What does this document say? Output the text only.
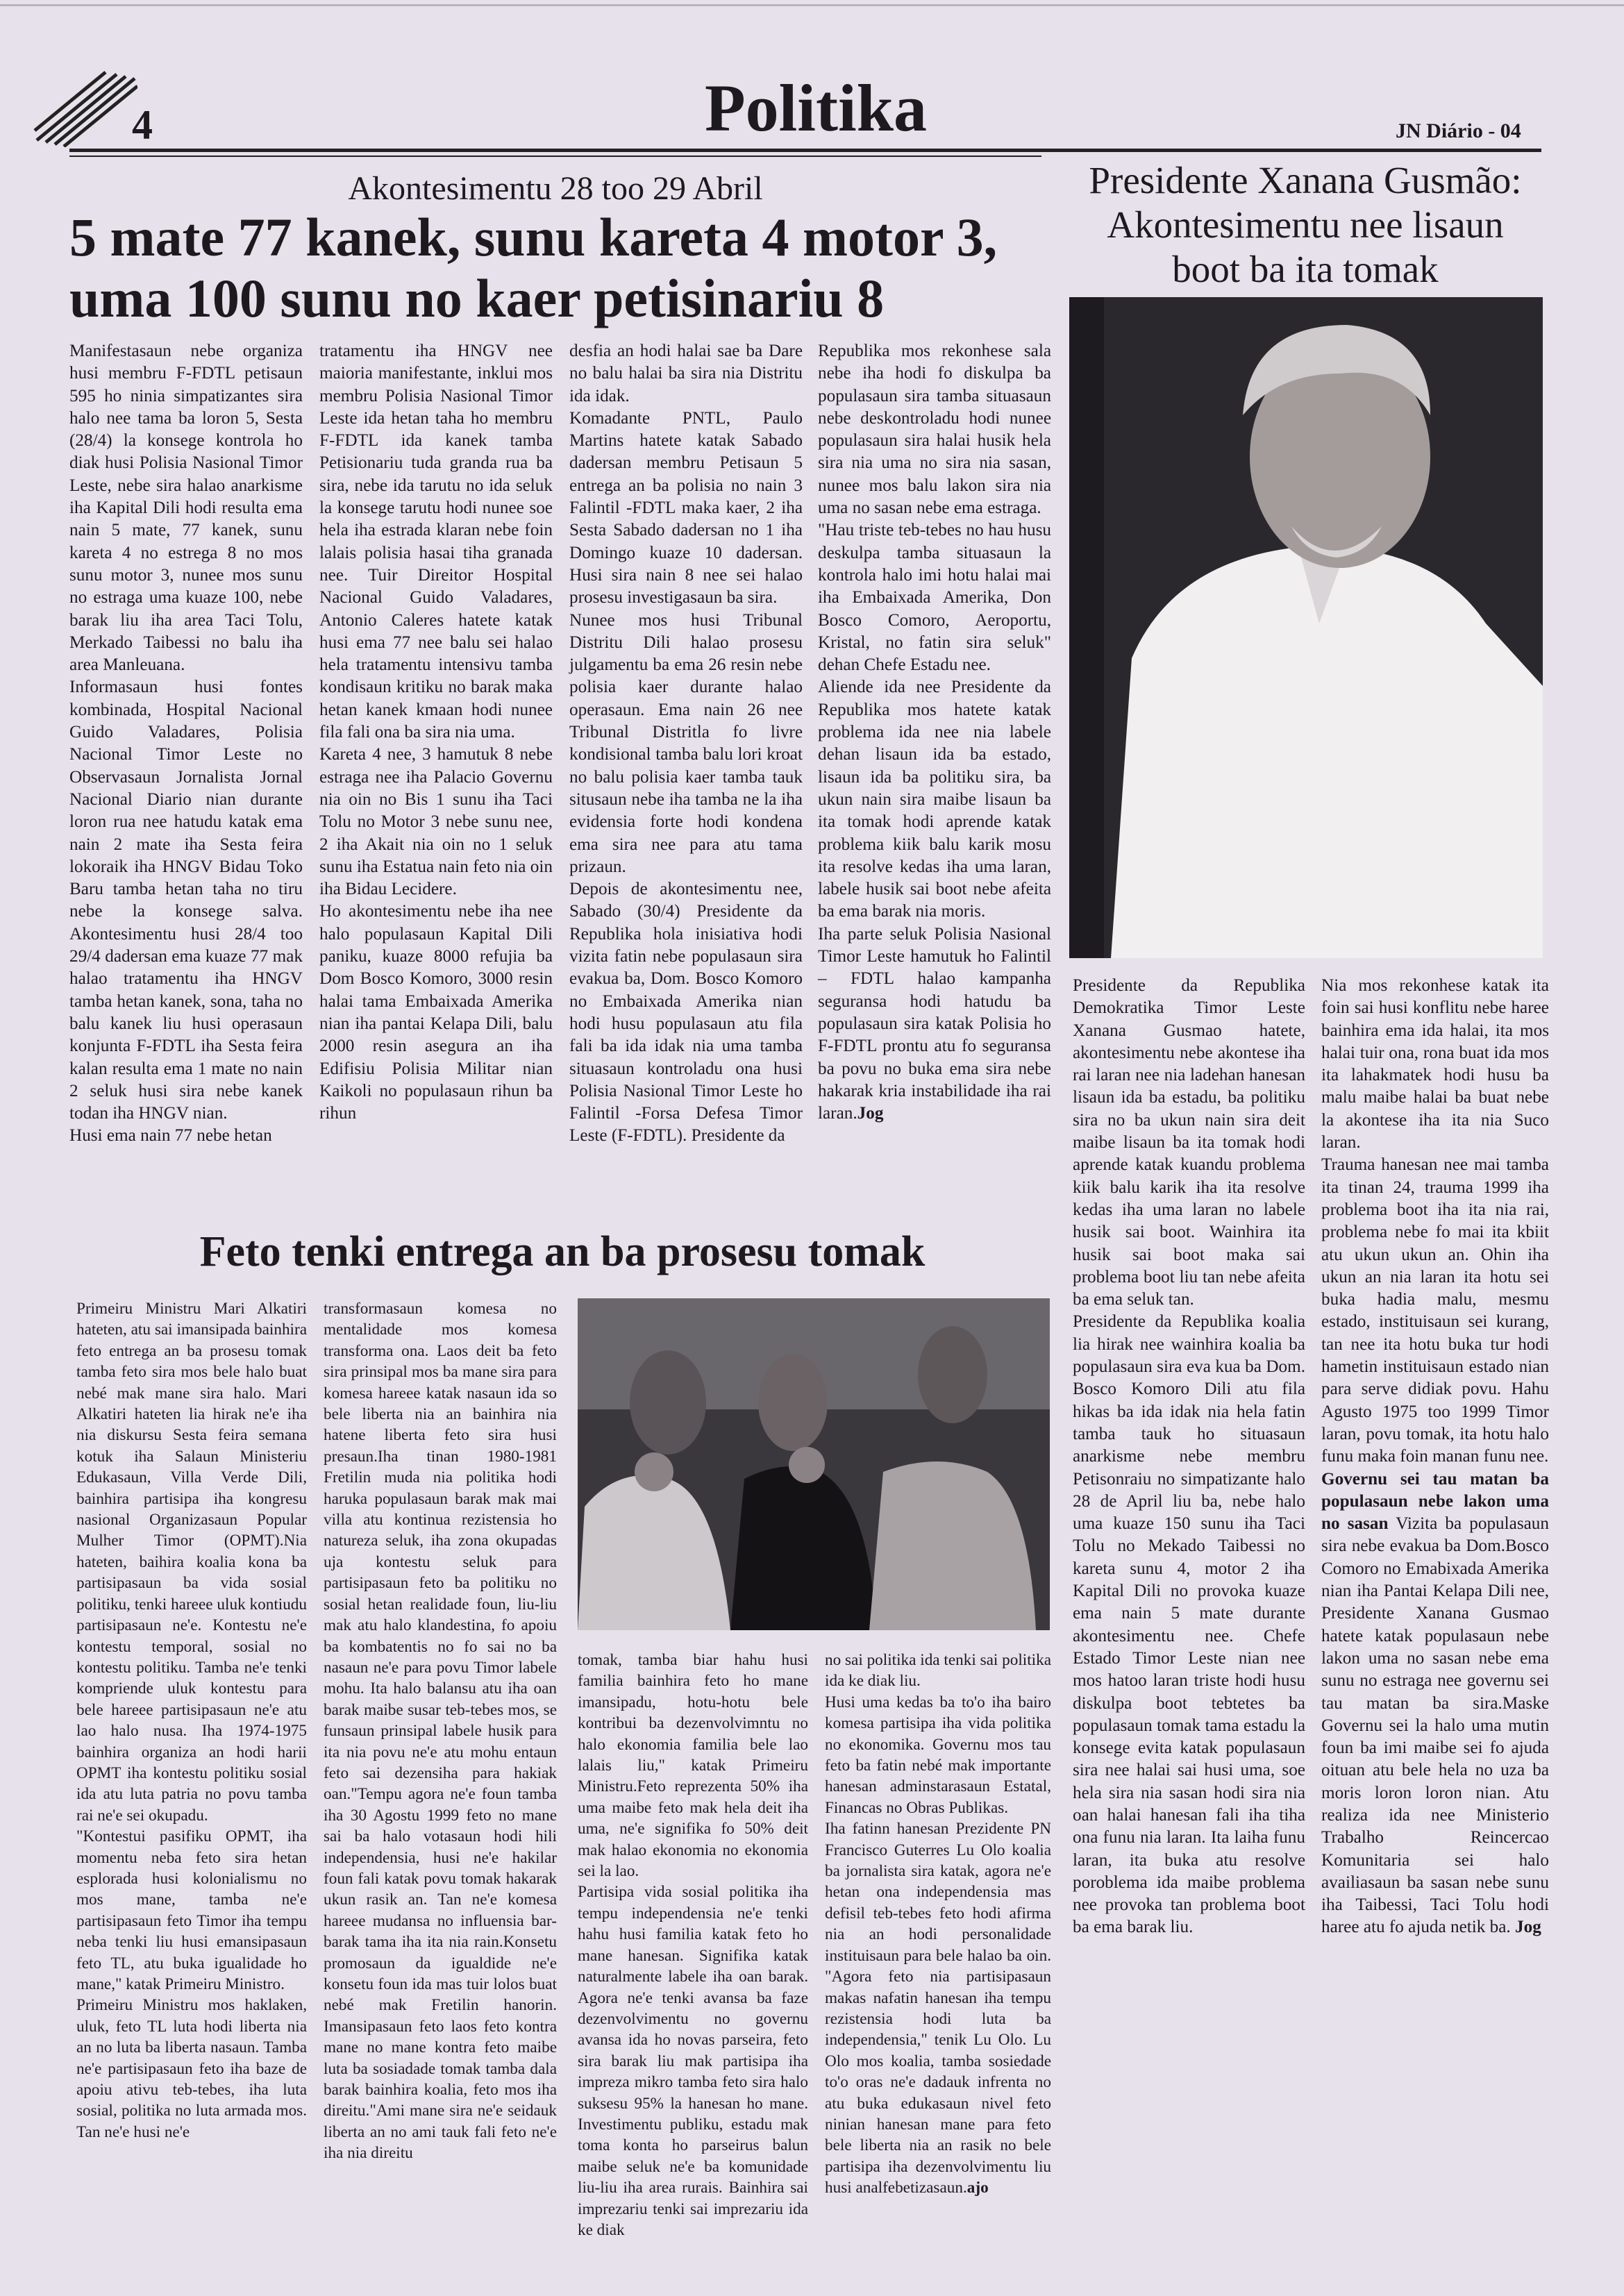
4	Politika	JN Diário - 04
Akontesimentu 28 too 29 Abril
5 mate 77 kanek, sunu kareta 4 motor 3,
uma 100 sunu no kaer petisinariu 8

Manifestasaun nebe organiza husi membru F-FDTL petisaun 595 ho ninia simpatizantes sira halo nee tama ba loron 5, Sesta (28/4) la konsege kontrola ho diak husi Polisia Nasional Timor Leste, nebe sira halao anarkisme iha Kapital Dili hodi resulta ema nain 5 mate, 77 kanek, sunu kareta 4 no estrega 8 no mos sunu motor 3, nunee mos sunu no estraga uma kuaze 100, nebe barak liu iha area Taci Tolu, Merkado Taibessi no balu iha area Manleuana.

Informasaun husi fontes kombinada, Hospital Nacional Guido Valadares, Polisia Nacional Timor Leste no Observasaun Jornalista Jornal Nacional Diario nian durante loron rua nee hatudu katak ema nain 2 mate iha Sesta feira lokoraik iha HNGV Bidau Toko Baru tamba hetan taha no tiru nebe la konsege salva. Akontesimentu husi 28/4 too 29/4 dadersan ema kuaze 77 mak halao tratamentu iha HNGV tamba hetan kanek, sona, taha no balu kanek liu husi operasaun konjunta F-FDTL iha Sesta feira kalan resulta ema 1 mate no nain 2 seluk husi sira nebe kanek todan iha HNGV nian.

Husi ema nain 77 nebe hetan

tratamentu iha HNGV nee maioria manifestante, inklui mos membru Polisia Nasional Timor Leste ida hetan taha ho membru F-FDTL ida kanek tamba Petisionariu tuda granda rua ba sira, nebe ida tarutu no ida seluk la konsege tarutu hodi nunee soe hela iha estrada klaran nebe foin lalais polisia hasai tiha granada nee. Tuir Direitor Hospital Nacional Guido Valadares, Antonio Caleres hatete katak husi ema 77 nee balu sei halao hela tratamentu intensivu tamba kondisaun kritiku no barak maka hetan kanek kmaan hodi nunee fila fali ona ba sira nia uma.

Kareta 4 nee, 3 hamutuk 8 nebe estraga nee iha Palacio Governu nia oin no Bis 1 sunu iha Taci Tolu no Motor 3 nebe sunu nee, 2 iha Akait nia oin no 1 seluk sunu iha Estatua nain feto nia oin iha Bidau Lecidere.

Ho akontesimentu nebe iha nee halo populasaun Kapital Dili paniku, kuaze 8000 refujia ba Dom Bosco Komoro, 3000 resin halai tama Embaixada Amerika nian iha pantai Kelapa Dili, balu 2000 resin asegura an iha Edifisiu Polisia Militar nian Kaikoli no populasaun rihun ba rihun

desfia an hodi halai sae ba Dare no balu halai ba sira nia Distritu ida idak.

Komadante PNTL, Paulo Martins hatete katak Sabado dadersan membru Petisaun 5 entrega an ba polisia no nain 3 Falintil -FDTL maka kaer, 2 iha Sesta Sabado dadersan no 1 iha Domingo kuaze 10 dadersan. Husi sira nain 8 nee sei halao prosesu investigasaun ba sira.

Nunee mos husi Tribunal Distritu Dili halao prosesu julgamentu ba ema 26 resin nebe polisia kaer durante halao operasaun. Ema nain 26 nee Tribunal Distritla fo livre kondisional tamba balu lori kroat no balu polisia kaer tamba tauk situsaun nebe iha tamba ne la iha evidensia forte hodi kondena ema sira nee para atu tama prizaun.

Depois de akontesimentu nee, Sabado (30/4) Presidente da Republika hola inisiativa hodi vizita fatin nebe populasaun sira evakua ba, Dom. Bosco Komoro no Embaixada Amerika nian hodi husu populasaun atu fila fali ba ida idak nia uma tamba situasaun kontroladu ona husi Polisia Nasional Timor Leste ho Falintil -Forsa Defesa Timor Leste (F-FDTL). Presidente da

Republika mos rekonhese sala nebe iha hodi fo diskulpa ba populasaun sira tamba situasaun nebe deskontroladu hodi nunee populasaun sira halai husik hela sira nia uma no sira nia sasan, nunee mos balu lakon sira nia uma no sasan nebe ema estraga.

"Hau triste teb-tebes no hau husu deskulpa tamba situasaun la kontrola halo imi hotu halai mai iha Embaixada Amerika, Don Bosco Comoro, Aeroportu, Kristal, no fatin sira seluk" dehan Chefe Estadu nee.

Aliende ida nee Presidente da Republika mos hatete katak problema ida nee nia labele dehan lisaun ida ba estado, lisaun ida ba politiku sira, ba ukun nain sira maibe lisaun ba ita tomak hodi aprende katak problema kiik balu karik mosu ita resolve kedas iha uma laran, labele husik sai boot nebe afeita ba ema barak nia moris.

Iha parte seluk Polisia Nasional Timor Leste hamutuk ho Falintil – FDTL halao kampanha seguransa hodi hatudu ba populasaun sira katak Polisia ho F-FDTL prontu atu fo seguransa ba povu no buka ema sira nebe hakarak kria instabilidade iha rai laran.Jog

Presidente Xanana Gusmão:
Akontesimentu nee lisaun
boot ba ita tomak

Presidente da Republika Demokratika Timor Leste Xanana Gusmao hatete, akontesimentu nebe akontese iha rai laran nee nia ladehan hanesan lisaun ida ba estadu, ba politiku sira no ba ukun nain sira deit maibe lisaun ba ita tomak hodi aprende katak kuandu problema kiik balu karik iha ita resolve kedas iha uma laran no labele husik sai boot. Wainhira ita husik sai boot maka sai problema boot liu tan nebe afeita ba ema seluk tan.

Presidente da Republika koalia lia hirak nee wainhira koalia ba populasaun sira eva kua ba Dom. Bosco Komoro Dili atu fila hikas ba ida idak nia hela fatin tamba tauk ho situasaun anarkisme nebe membru Petisonraiu no simpatizante halo 28 de April liu ba, nebe halo uma kuaze 150 sunu iha Taci Tolu no Mekado Taibessi no kareta sunu 4, motor 2 iha Kapital Dili no provoka kuaze ema nain 5 mate durante akontesimentu nee. Chefe Estado Timor Leste nian nee mos hatoo laran triste hodi husu diskulpa boot tebtetes ba populasaun tomak tama estadu la konsege evita katak populasaun sira nee halai sai husi uma, soe hela sira nia sasan hodi sira nia oan halai hanesan fali iha tiha ona funu nia laran. Ita laiha funu laran, ita buka atu resolve poroblema ida maibe problema nee provoka tan problema boot ba ema barak liu.

Nia mos rekonhese katak ita foin sai husi konflitu nebe haree bainhira ema ida halai, ita mos halai tuir ona, rona buat ida mos ita lahakmatek hodi husu ba malu maibe halai ba buat nebe la akontese iha ita nia Suco laran.

Trauma hanesan nee mai tamba ita tinan 24, trauma 1999 iha problema boot iha ita nia rai, problema nebe fo mai ita kbiit atu ukun ukun an. Ohin iha ukun an nia laran ita hotu sei buka hadia malu, mesmu estado, instituisaun sei kurang, tan nee ita hotu buka tur hodi hametin instituisaun estado nian para serve didiak povu. Hahu Agusto 1975 too 1999 Timor laran, povu tomak, ita hotu halo funu maka foin manan funu nee.

Governu sei tau matan ba populasaun nebe lakon uma no sasan Vizita ba populasaun sira nebe evakua ba Dom.Bosco Comoro no Emabixada Amerika nian iha Pantai Kelapa Dili nee, Presidente Xanana Gusmao hatete katak populasaun nebe lakon uma no sasan nebe ema sunu no estraga nee governu sei tau matan ba sira.Maske Governu sei la halo uma mutin foun ba imi maibe sei fo ajuda oituan atu bele hela no uza ba moris loron loron nian. Atu realiza ida nee Ministerio Trabalho Reincercao Komunitaria sei halo availiasaun ba sasan nebe sunu iha Taibessi, Taci Tolu hodi haree atu fo ajuda netik ba. Jog

Feto tenki entrega an ba prosesu tomak

Primeiru Ministru Mari Alkatiri hateten, atu sai imansipada bainhira feto entrega an ba prosesu tomak tamba feto sira mos bele halo buat nebé mak mane sira halo. Mari Alkatiri hateten lia hirak ne'e iha nia diskursu Sesta feira semana kotuk iha Salaun Ministeriu Edukasaun, Villa Verde Dili, bainhira partisipa iha kongresu nasional Organizasaun Popular Mulher Timor (OPMT).Nia hateten, baihira koalia kona ba partisipasaun ba vida sosial politiku, tenki hareee uluk kontiudu partisipasaun ne'e. Kontestu ne'e kontestu temporal, sosial no kontestu politiku. Tamba ne'e tenki kompriende uluk kontestu para bele hareee partisipasaun ne'e atu lao halo nusa. Iha 1974-1975 bainhira organiza an hodi harii OPMT iha kontestu politiku sosial ida atu luta patria no povu tamba rai ne'e sei okupadu.

"Kontestui pasifiku OPMT, iha momentu neba feto sira hetan esplorada husi kolonialismu no mos mane, tamba ne'e partisipasaun feto Timor iha tempu neba tenki liu husi emansipasaun feto TL, atu buka igualidade ho mane," katak Primeiru Ministro.

Primeiru Ministru mos haklaken, uluk, feto TL luta hodi liberta nia an no luta ba liberta nasaun. Tamba ne'e partisipasaun feto iha baze de apoiu ativu teb-tebes, iha luta sosial, politika no luta armada mos. Tan ne'e husi ne'e

transformasaun komesa no mentalidade mos komesa transforma ona. Laos deit ba feto sira prinsipal mos ba mane sira para komesa hareee katak nasaun ida so bele liberta nia an bainhira nia hatene liberta feto sira husi presaun.Iha tinan 1980-1981 Fretilin muda nia politika hodi haruka populasaun barak mak mai villa atu kontinua rezistensia ho natureza seluk, iha zona okupadas uja kontestu seluk para partisipasaun feto ba politiku no sosial hetan realidade foun, liu-liu mak atu halo klandestina, fo apoiu ba kombatentis no fo sai no ba nasaun ne'e para povu Timor labele mohu. Ita halo balansu atu iha oan barak maibe susar teb-tebes mos, se funsaun prinsipal labele husik para ita nia povu ne'e atu mohu entaun feto sai dezensiha para hakiak oan."Tempu agora ne'e foun tamba iha 30 Agostu 1999 feto no mane sai ba halo votasaun hodi hili independensia, husi ne'e hakilar foun fali katak povu tomak hakarak ukun rasik an. Tan ne'e komesa hareee mudansa no influensia bar-barak tama iha ita nia rain.Konsetu promosaun da igualdide ne'e konsetu foun ida mas tuir lolos buat nebé mak Fretilin hanorin. Imansipasaun feto laos feto kontra mane no mane kontra feto maibe luta ba sosiadade tomak tamba dala barak bainhira koalia, feto mos iha direitu."Ami mane sira ne'e seidauk liberta an no ami tauk fali feto ne'e iha nia direitu

tomak, tamba biar hahu husi familia bainhira feto ho mane imansipadu, hotu-hotu bele kontribui ba dezenvolvimntu no halo ekonomia familia bele lao lalais liu," katak Primeiru Ministru.Feto reprezenta 50% iha uma maibe feto mak hela deit iha uma, ne'e signifika fo 50% deit mak halao ekonomia no ekonomia sei la lao.

Partisipa vida sosial politika iha tempu independensia ne'e tenki hahu husi familia katak feto ho mane hanesan. Signifika katak naturalmente labele iha oan barak. Agora ne'e tenki avansa ba faze dezenvolvimentu no governu avansa ida ho novas parseira, feto sira barak liu mak partisipa iha impreza mikro tamba feto sira halo suksesu 95% la hanesan ho mane. Investimentu publiku, estadu mak toma konta ho parseirus balun maibe seluk ne'e ba komunidade liu-liu iha area rurais. Bainhira sai imprezariu tenki sai imprezariu ida ke diak

no sai politika ida tenki sai politika ida ke diak liu.

Husi uma kedas ba to'o iha bairo komesa partisipa iha vida politika no ekonomika. Governu mos tau feto ba fatin nebé mak importante hanesan adminstarasaun Estatal, Financas no Obras Publikas.

Iha fatinn hanesan Prezidente PN Francisco Guterres Lu Olo koalia ba jornalista sira katak, agora ne'e hetan ona independensia mas defisil teb-tebes feto hodi afirma nia an hodi personalidade instituisaun para bele halao ba oin. "Agora feto nia partisipasaun makas nafatin hanesan iha tempu rezistensia hodi luta ba independensia," tenik Lu Olo. Lu Olo mos koalia, tamba sosiedade to'o oras ne'e dadauk infrenta no atu buka edukasaun nivel feto ninian hanesan mane para feto bele liberta nia an rasik no bele partisipa iha dezenvolvimentu liu husi analfebetizasaun.ajo
